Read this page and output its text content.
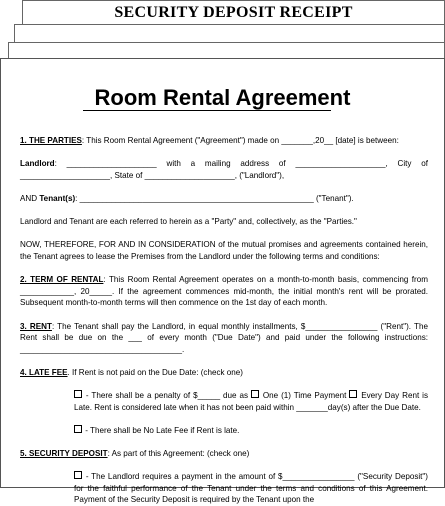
SECURITY DEPOSIT RECEIPT
Room Rental Agreement

1. THE PARTIES: This Room Rental Agreement ("Agreement") made on _______,20__ [date] is between:

Landlord: ____________________ with a mailing address of ____________________, City of ____________________, State of ____________________, ("Landlord"),

AND Tenant(s): ____________________________________________________ ("Tenant").

Landlord and Tenant are each referred to herein as a "Party" and, collectively, as the "Parties."

NOW, THEREFORE, FOR AND IN CONSIDERATION of the mutual promises and agreements contained herein, the Tenant agrees to lease the Premises from the Landlord under the following terms and conditions:

2. TERM OF RENTAL: This Room Rental Agreement operates on a month-to-month basis, commencing from ____________, 20_____. If the agreement commences mid-month, the initial month's rent will be prorated. Subsequent month-to-month terms will then commence on the 1st day of each month.

3. RENT: The Tenant shall pay the Landlord, in equal monthly installments, $________________ ("Rent"). The Rent shall be due on the ___ of every month ("Due Date") and paid under the following instructions: ____________________________________.

4. LATE FEE. If Rent is not paid on the Due Date: (check one)

- There shall be a penalty of $_____ due as  One (1) Time Payment  Every Day Rent is Late. Rent is considered late when it has not been paid within _______day(s) after the Due Date.

- There shall be No Late Fee if Rent is late.

5. SECURITY DEPOSIT: As part of this Agreement: (check one)

- The Landlord requires a payment in the amount of $________________ ("Security Deposit") for the faithful performance of the Tenant under the terms and conditions of this Agreement. Payment of the Security Deposit is required by the Tenant upon the
